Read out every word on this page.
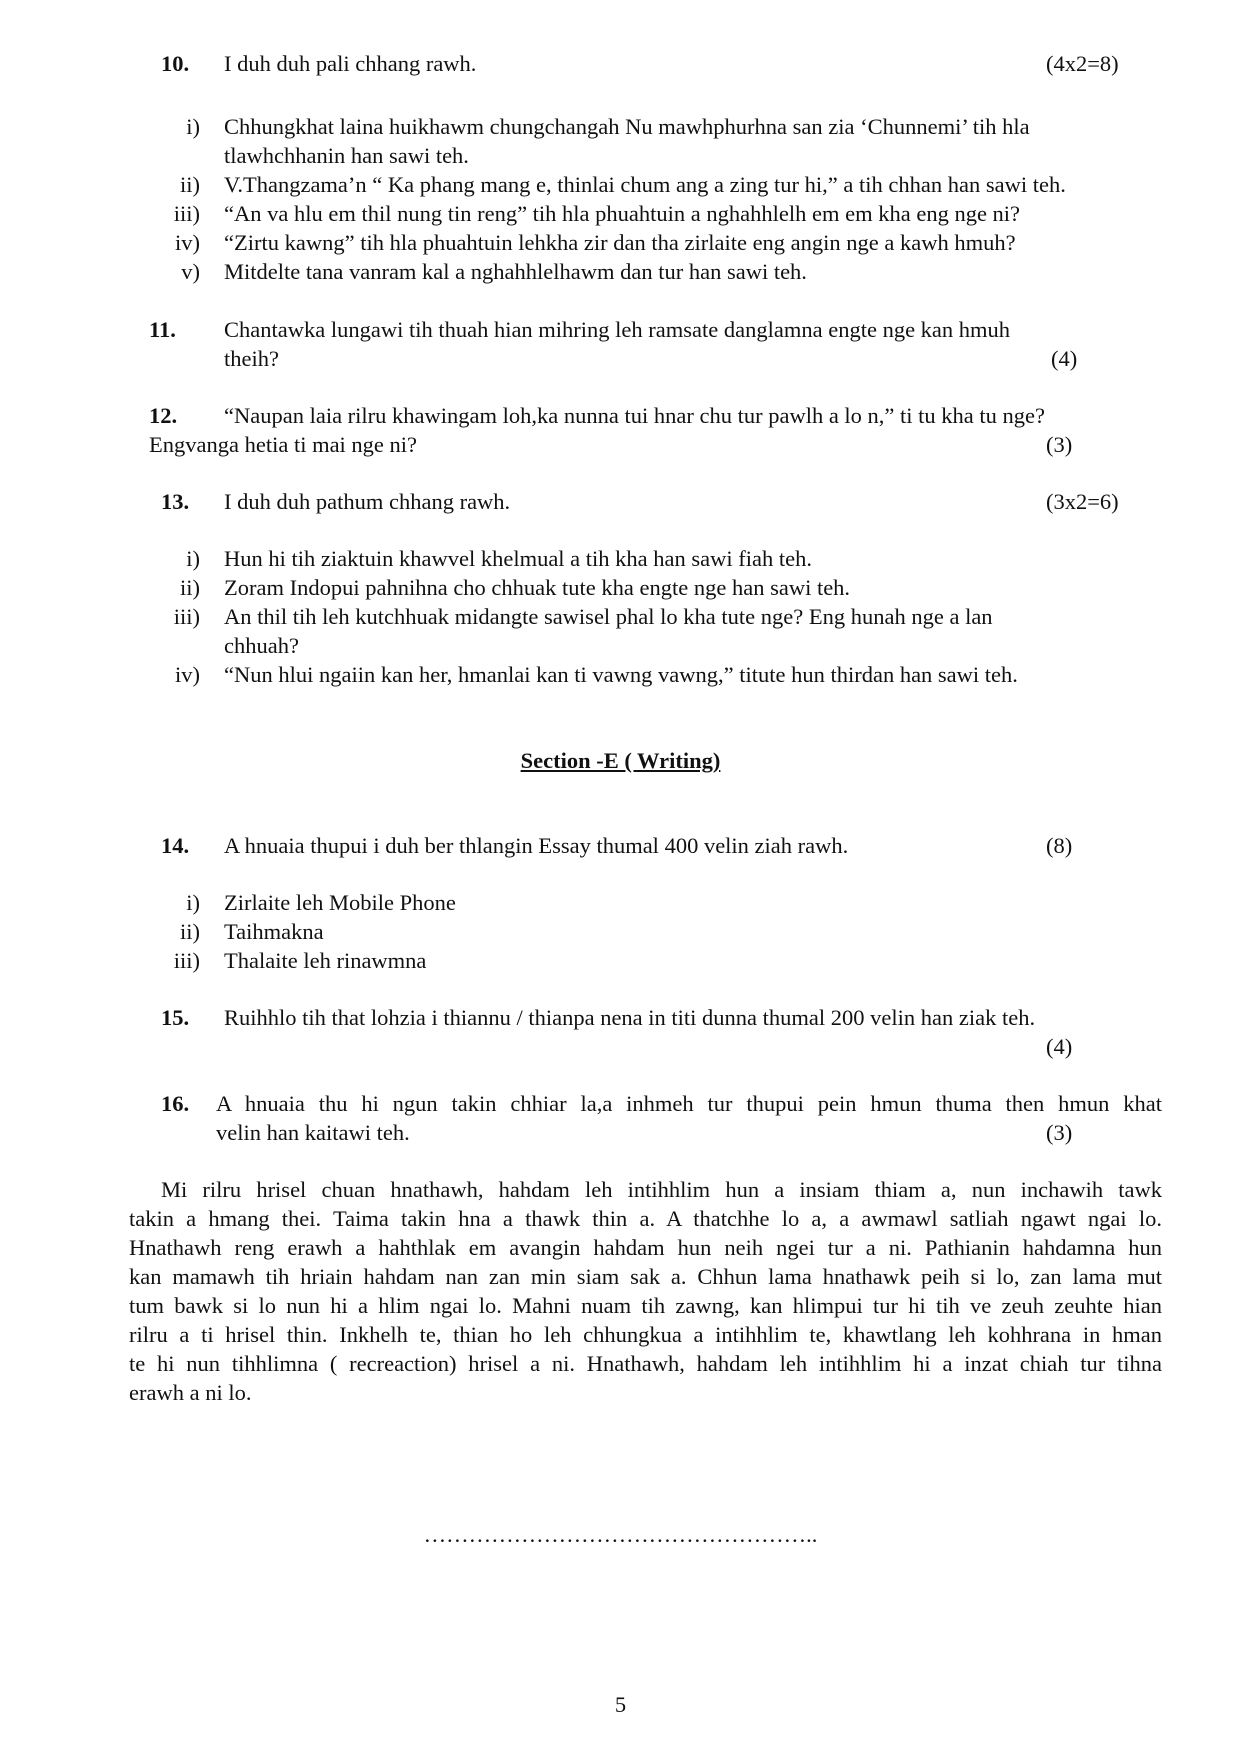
10. I duh duh pali chhang rawh.	(4x2=8)
i) Chhungkhat laina huikhawm chungchangah Nu mawhphurhna san zia ‘Chunnemi’ tih hla
tlawhchhanin han sawi teh.
ii) V.Thangzama’n “ Ka phang mang e, thinlai chum ang a zing tur hi,” a tih chhan han sawi teh.
iii) “An va hlu em thil nung tin reng” tih hla phuahtuin a nghahhlelh em em kha eng nge ni?
iv) “Zirtu kawng” tih hla phuahtuin lehkha zir dan tha zirlaite eng angin nge a kawh hmuh?
v) Mitdelte tana vanram kal a nghahhlelhawm dan tur han sawi teh.
11. Chantawka lungawi tih thuah hian mihring leh ramsate danglamna engte nge kan hmuh
theih?	(4)
12. “Naupan laia rilru khawingam loh,ka nunna tui hnar chu tur pawlh a lo n,” ti tu kha tu nge?
Engvanga hetia ti mai nge ni?	(3)
13. I duh duh pathum chhang rawh.	(3x2=6)
i) Hun hi tih ziaktuin khawvel khelmual a tih kha han sawi fiah teh.
ii) Zoram Indopui pahnihna cho chhuak tute kha engte nge han sawi teh.
iii) An thil tih leh kutchhuak midangte sawisel phal lo kha tute nge? Eng hunah nge a lan
chhuah?
iv) “Nun hlui ngaiin kan her, hmanlai kan ti vawng vawng,” titute hun thirdan han sawi teh.
Section -E ( Writing)
14. A hnuaia thupui i duh ber thlangin Essay thumal 400 velin ziah rawh.	(8)
i) Zirlaite leh Mobile Phone
ii) Taihmakna
iii) Thalaite leh rinawmna
15. Ruihhlo tih that lohzia i thiannu / thianpa nena in titi dunna thumal 200 velin han ziak teh.
(4)
16. A hnuaia thu hi ngun takin chhiar la,a inhmeh tur thupui pein hmun thuma then hmun khat
velin han kaitawi teh.	(3)
Mi rilru hrisel chuan hnathawh, hahdam leh intihhlim hun a insiam thiam a, nun inchawih tawk
takin a hmang thei. Taima takin hna a thawk thin a. A thatchhe lo a, a awmawl satliah ngawt ngai lo.
Hnathawh reng erawh a hahthlak em avangin hahdam hun neih ngei tur a ni. Pathianin hahdamna hun
kan mamawh tih hriain hahdam nan zan min siam sak a. Chhun lama hnathawk peih si lo, zan lama mut
tum bawk si lo nun hi a hlim ngai lo. Mahni nuam tih zawng, kan hlimpui tur hi tih ve zeuh zeuhte hian
rilru a ti hrisel thin. Inkhelh te, thian ho leh chhungkua a intihhlim te, khawtlang leh kohhrana in hman
te hi nun tihhlimna ( recreaction) hrisel a ni. Hnathawh, hahdam leh intihhlim hi a inzat chiah tur tihna
erawh a ni lo.
……………………………………………..
5
